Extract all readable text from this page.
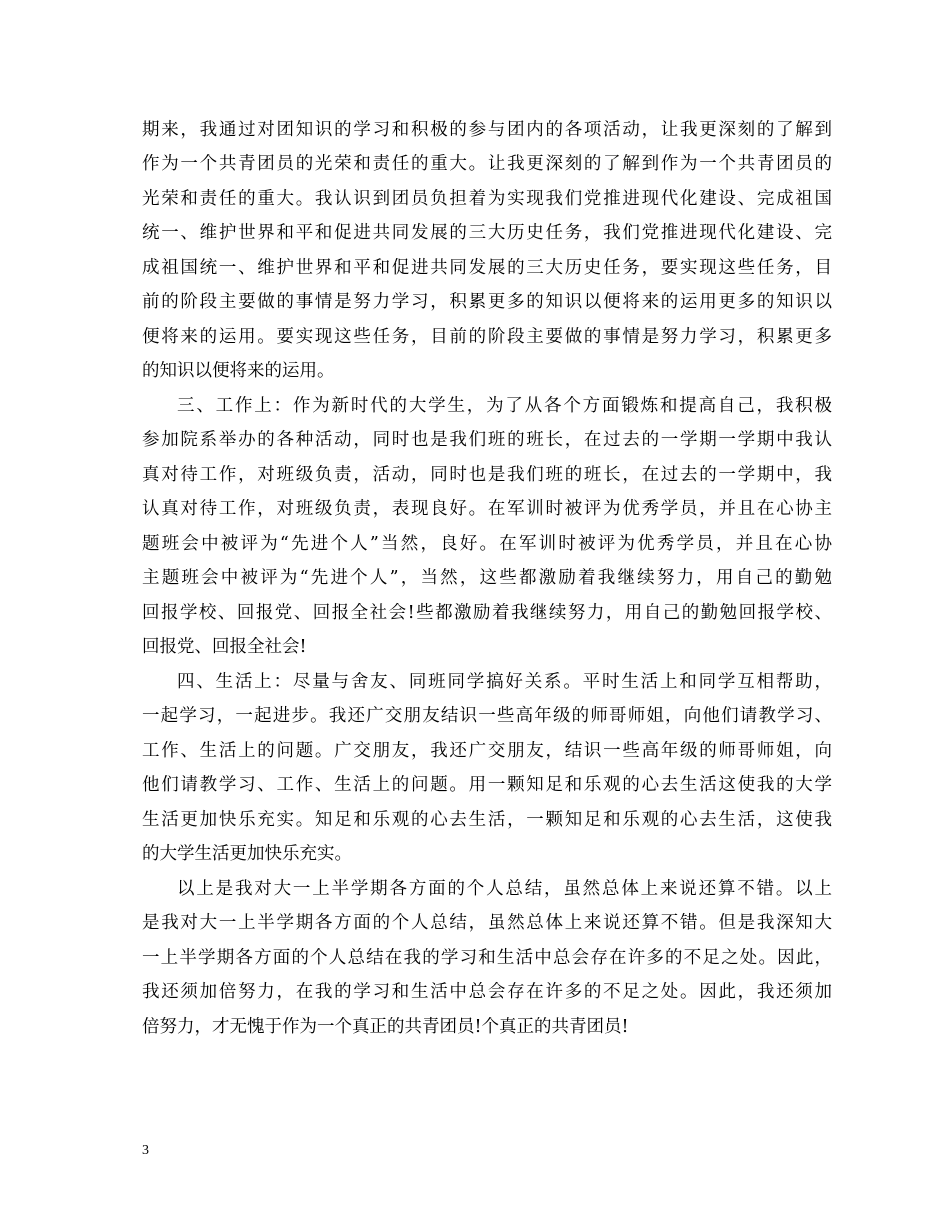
期来，我通过对团知识的学习和积极的参与团内的各项活动，让我更深刻的了解到
作为一个共青团员的光荣和责任的重大。让我更深刻的了解到作为一个共青团员的
光荣和责任的重大。我认识到团员负担着为实现我们党推进现代化建设、完成祖国
统一、维护世界和平和促进共同发展的三大历史任务，我们党推进现代化建设、完
成祖国统一、维护世界和平和促进共同发展的三大历史任务，要实现这些任务，目
前的阶段主要做的事情是努力学习，积累更多的知识以便将来的运用更多的知识以
便将来的运用。要实现这些任务，目前的阶段主要做的事情是努力学习，积累更多
的知识以便将来的运用。
三、工作上：作为新时代的大学生，为了从各个方面锻炼和提高自己，我积极
参加院系举办的各种活动，同时也是我们班的班长，在过去的一学期一学期中我认
真对待工作，对班级负责，活动，同时也是我们班的班长，在过去的一学期中，我
认真对待工作，对班级负责，表现良好。在军训时被评为优秀学员，并且在心协主
题班会中被评为“先进个人”当然，良好。在军训时被评为优秀学员，并且在心协
主题班会中被评为“先进个人”，当然，这些都激励着我继续努力，用自己的勤勉
回报学校、回报党、回报全社会!些都激励着我继续努力，用自己的勤勉回报学校、
回报党、回报全社会!
四、生活上：尽量与舍友、同班同学搞好关系。平时生活上和同学互相帮助，
一起学习，一起进步。我还广交朋友结识一些高年级的师哥师姐，向他们请教学习、
工作、生活上的问题。广交朋友，我还广交朋友，结识一些高年级的师哥师姐，向
他们请教学习、工作、生活上的问题。用一颗知足和乐观的心去生活这使我的大学
生活更加快乐充实。知足和乐观的心去生活，一颗知足和乐观的心去生活，这使我
的大学生活更加快乐充实。
以上是我对大一上半学期各方面的个人总结，虽然总体上来说还算不错。以上
是我对大一上半学期各方面的个人总结，虽然总体上来说还算不错。但是我深知大
一上半学期各方面的个人总结在我的学习和生活中总会存在许多的不足之处。因此，
我还须加倍努力，在我的学习和生活中总会存在许多的不足之处。因此，我还须加
倍努力，才无愧于作为一个真正的共青团员!个真正的共青团员!
3
